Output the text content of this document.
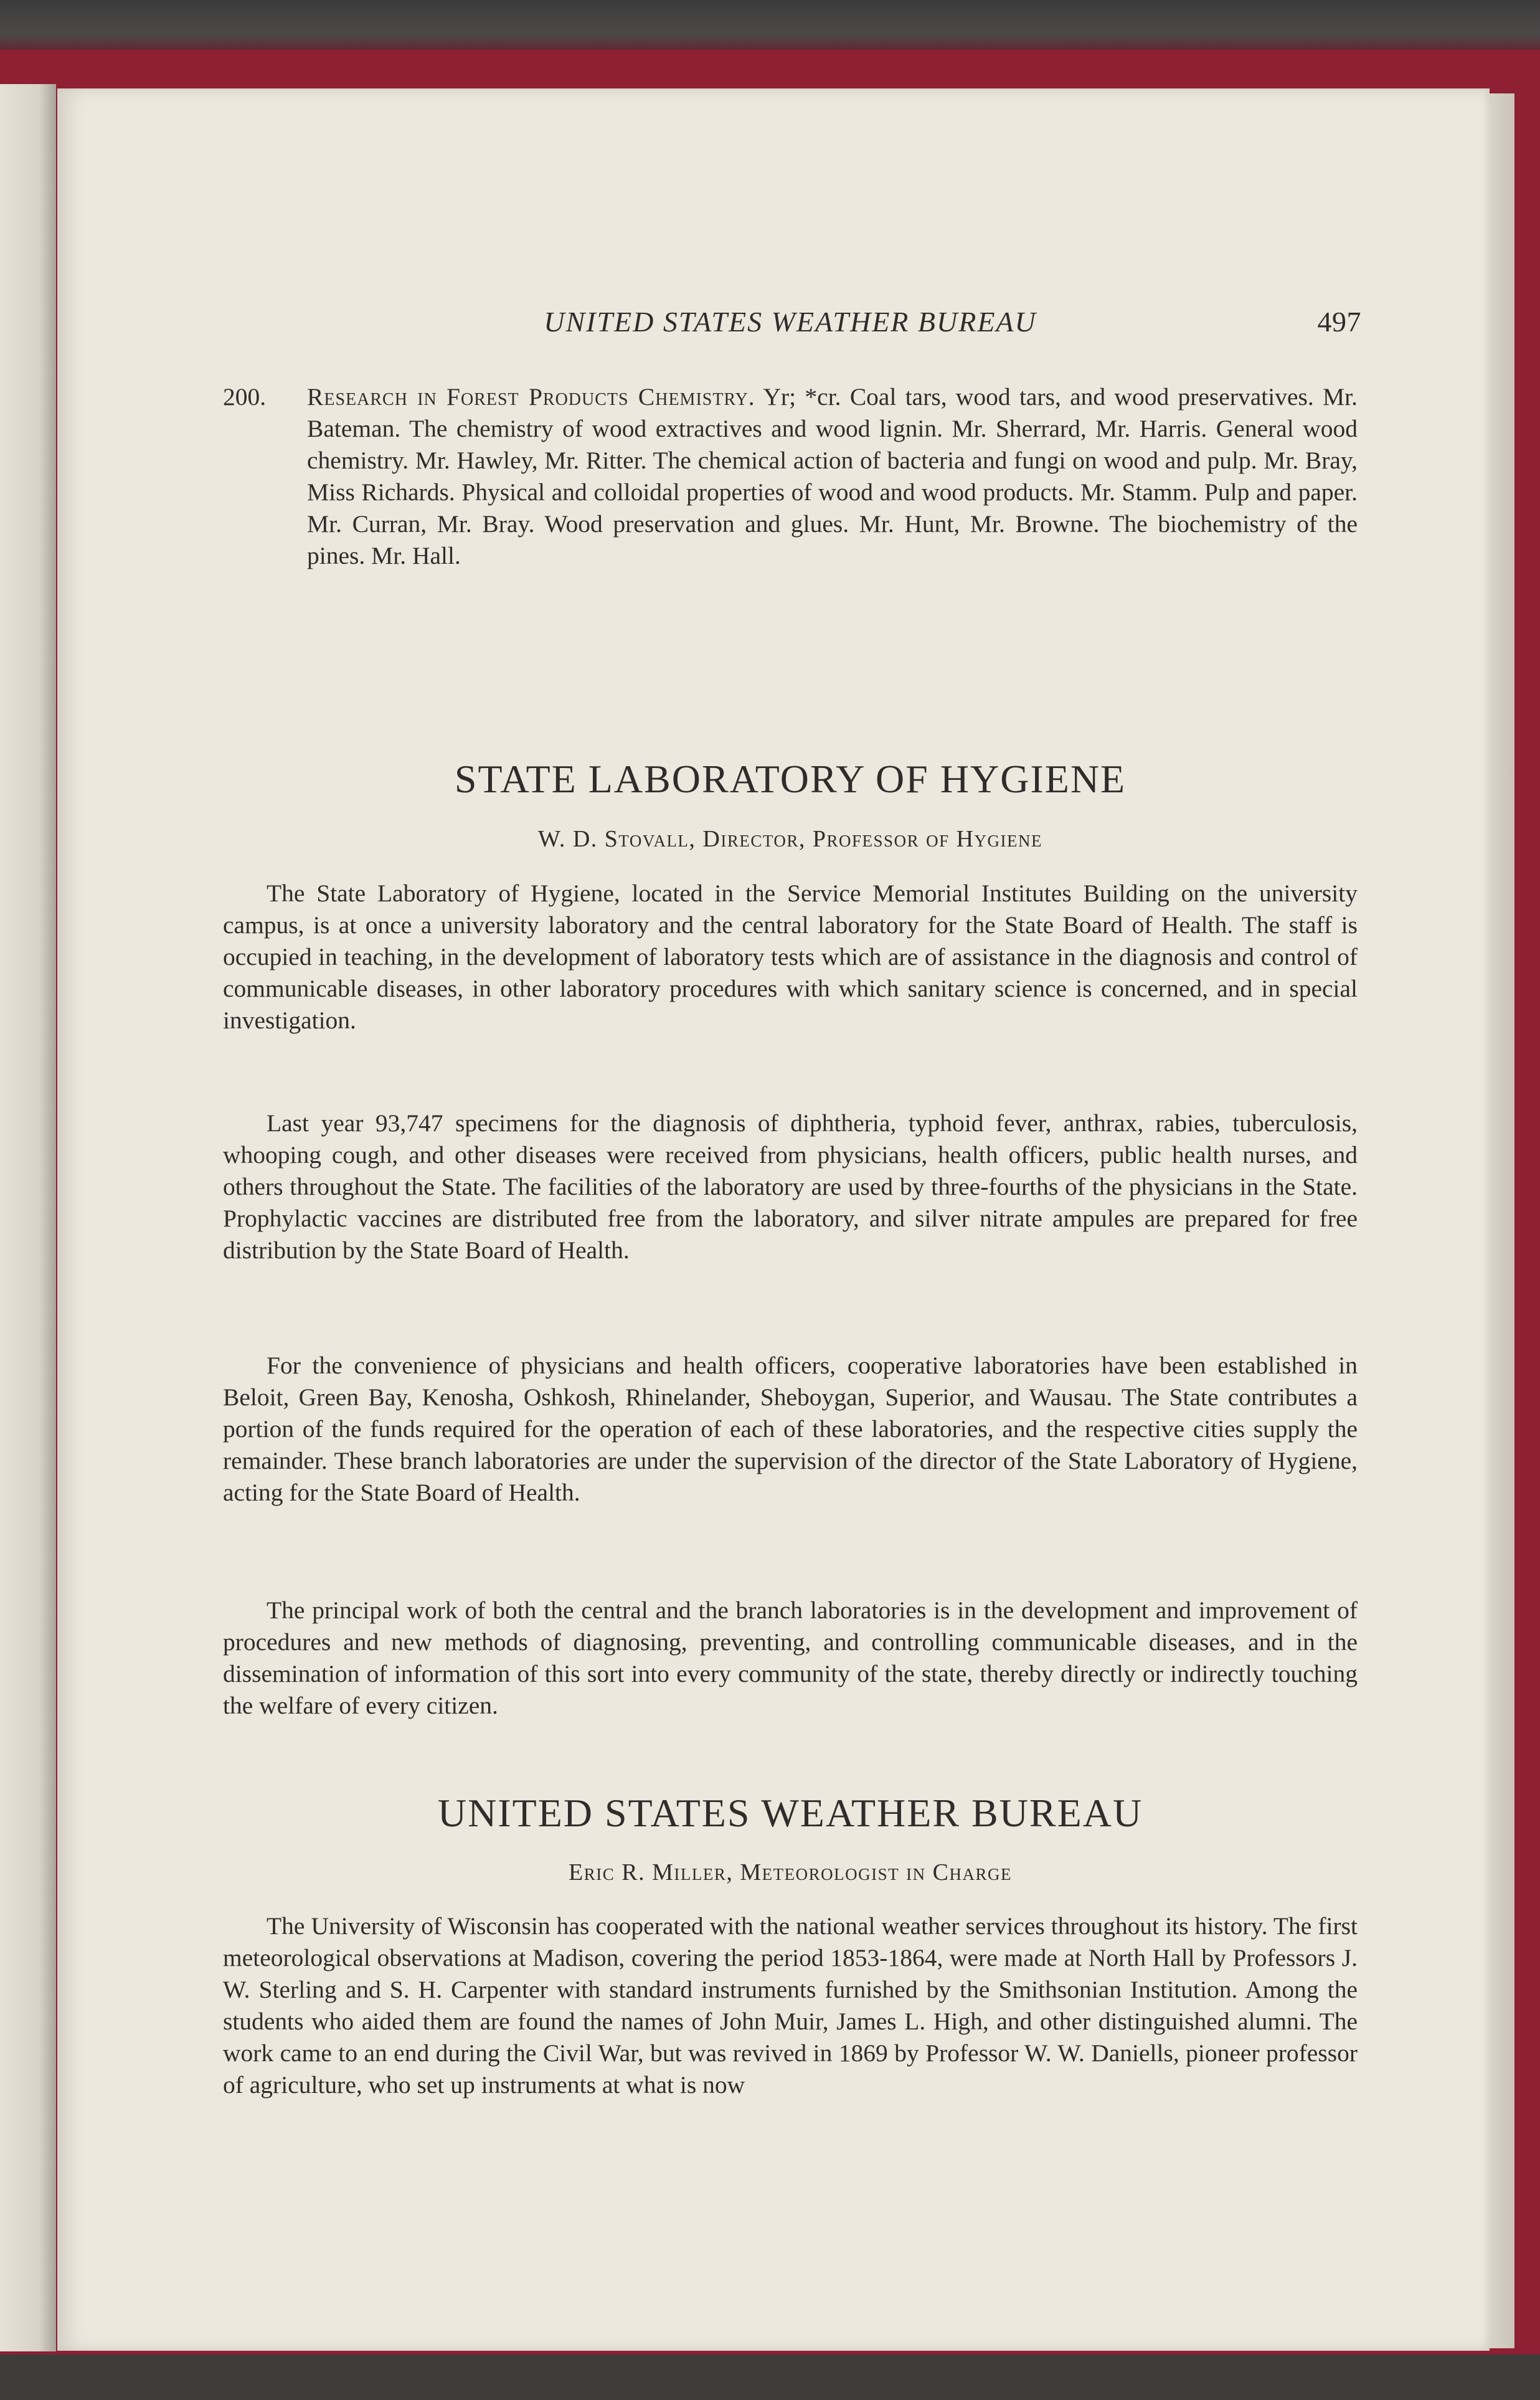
UNITED STATES WEATHER BUREAU	497
200. Research in Forest Products Chemistry. Yr; *cr. Coal tars, wood tars, and wood preservatives. Mr. Bateman. The chemistry of wood extractives and wood lignin. Mr. Sherrard, Mr. Harris. General wood chemistry. Mr. Hawley, Mr. Ritter. The chemical action of bacteria and fungi on wood and pulp. Mr. Bray, Miss Richards. Physical and colloidal properties of wood and wood products. Mr. Stamm. Pulp and paper. Mr. Curran, Mr. Bray. Wood preservation and glues. Mr. Hunt, Mr. Browne. The biochemistry of the pines. Mr. Hall.
STATE LABORATORY OF HYGIENE
W. D. Stovall, Director, Professor of Hygiene

The State Laboratory of Hygiene, located in the Service Memorial Institutes Building on the university campus, is at once a university laboratory and the central laboratory for the State Board of Health. The staff is occupied in teaching, in the development of laboratory tests which are of assistance in the diagnosis and control of communicable diseases, in other laboratory procedures with which sanitary science is concerned, and in special investigation.

Last year 93,747 specimens for the diagnosis of diphtheria, typhoid fever, anthrax, rabies, tuberculosis, whooping cough, and other diseases were received from physicians, health officers, public health nurses, and others throughout the State. The facilities of the laboratory are used by three-fourths of the physicians in the State. Prophylactic vaccines are distributed free from the laboratory, and silver nitrate ampules are prepared for free distribution by the State Board of Health.

For the convenience of physicians and health officers, cooperative laboratories have been established in Beloit, Green Bay, Kenosha, Oshkosh, Rhinelander, Sheboygan, Superior, and Wausau. The State contributes a portion of the funds required for the operation of each of these laboratories, and the respective cities supply the remainder. These branch laboratories are under the supervision of the director of the State Laboratory of Hygiene, acting for the State Board of Health.

The principal work of both the central and the branch laboratories is in the development and improvement of procedures and new methods of diagnosing, preventing, and controlling communicable diseases, and in the dissemination of information of this sort into every community of the state, thereby directly or indirectly touching the welfare of every citizen.

UNITED STATES WEATHER BUREAU
Eric R. Miller, Meteorologist in Charge

The University of Wisconsin has cooperated with the national weather services throughout its history. The first meteorological observations at Madison, covering the period 1853-1864, were made at North Hall by Professors J. W. Sterling and S. H. Carpenter with standard instruments furnished by the Smithsonian Institution. Among the students who aided them are found the names of John Muir, James L. High, and other distinguished alumni. The work came to an end during the Civil War, but was revived in 1869 by Professor W. W. Daniells, pioneer professor of agriculture, who set up instruments at what is now
